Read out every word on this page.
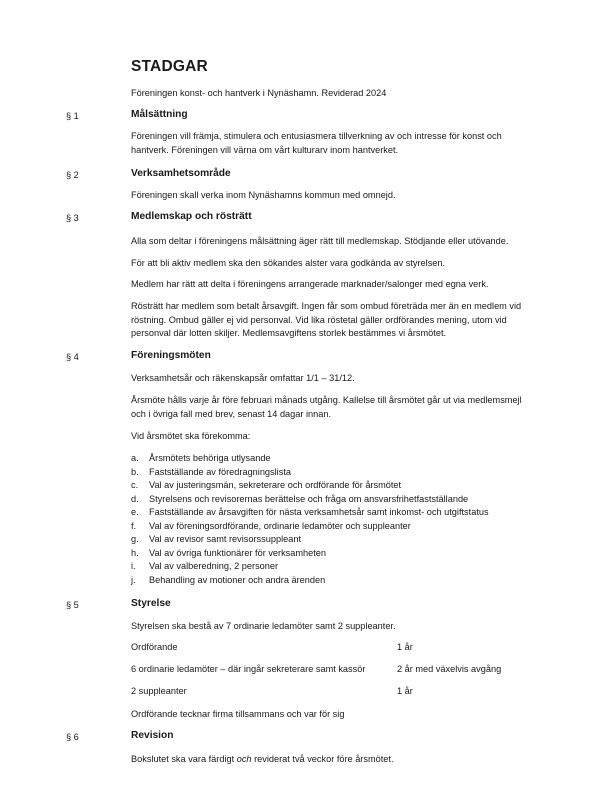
STADGAR
Föreningen konst- och hantverk i Nynäshamn. Reviderad 2024
§ 1	Målsättning
Föreningen vill främja, stimulera och entusiasmera tillverkning av och intresse för konst och hantverk. Föreningen vill värna om vårt kulturarv inom hantverket.
§ 2	Verksamhetsområde
Föreningen skall verka inom Nynäshamns kommun med omnejd.
§ 3	Medlemskap och rösträtt
Alla som deltar i föreningens målsättning äger rätt till medlemskap. Stödjande eller utövande.
För att bli aktiv medlem ska den sökandes alster vara godkända av styrelsen.
Medlem har rätt att delta i föreningens arrangerade marknader/salonger med egna verk.
Rösträtt har medlem som betalt årsavgift. Ingen får som ombud företräda mer än en medlem vid röstning. Ombud gäller ej vid personval. Vid lika röstetal gäller ordförandes mening, utom vid personval där lotten skiljer. Medlemsavgiftens storlek bestämmes vi årsmötet.
§ 4	Föreningsmöten
Verksamhetsår och räkenskapsår omfattar 1/1 – 31/12.
Årsmöte hålls varje år före februari månads utgång. Kallelse till årsmötet går ut via medlemsmejl och i övriga fall med brev, senast 14 dagar innan.
Vid årsmötet ska förekomma:
a. Årsmötets behöriga utlysande
b. Fastställande av föredragningslista
c. Val av justeringsmän, sekreterare och ordförande för årsmötet
d. Styrelsens och revisorernas berättelse och fråga om ansvarsfrihetfastställande
e. Fastställande av årsavgiften för nästa verksamhetsår samt inkomst- och utgiftstatus
f. Val av föreningsordförande, ordinarie ledamöter och suppleanter
g. Val av revisor samt revisorssuppleant
h. Val av övriga funktionärer för verksamheten
i. Val av valberedning, 2 personer
j. Behandling av motioner och andra ärenden
§ 5	Styrelse
Styrelsen ska bestå av 7 ordinarie ledamöter samt 2 suppleanter.
Ordförande	1 år
6 ordinarie ledamöter – där ingår sekreterare samt kassör	2 år med växelvis avgång
2 suppleanter	1 år
Ordförande tecknar firma tillsammans och var för sig
§ 6	Revision
Bokslutet ska vara färdigt och reviderat två veckor före årsmötet.
